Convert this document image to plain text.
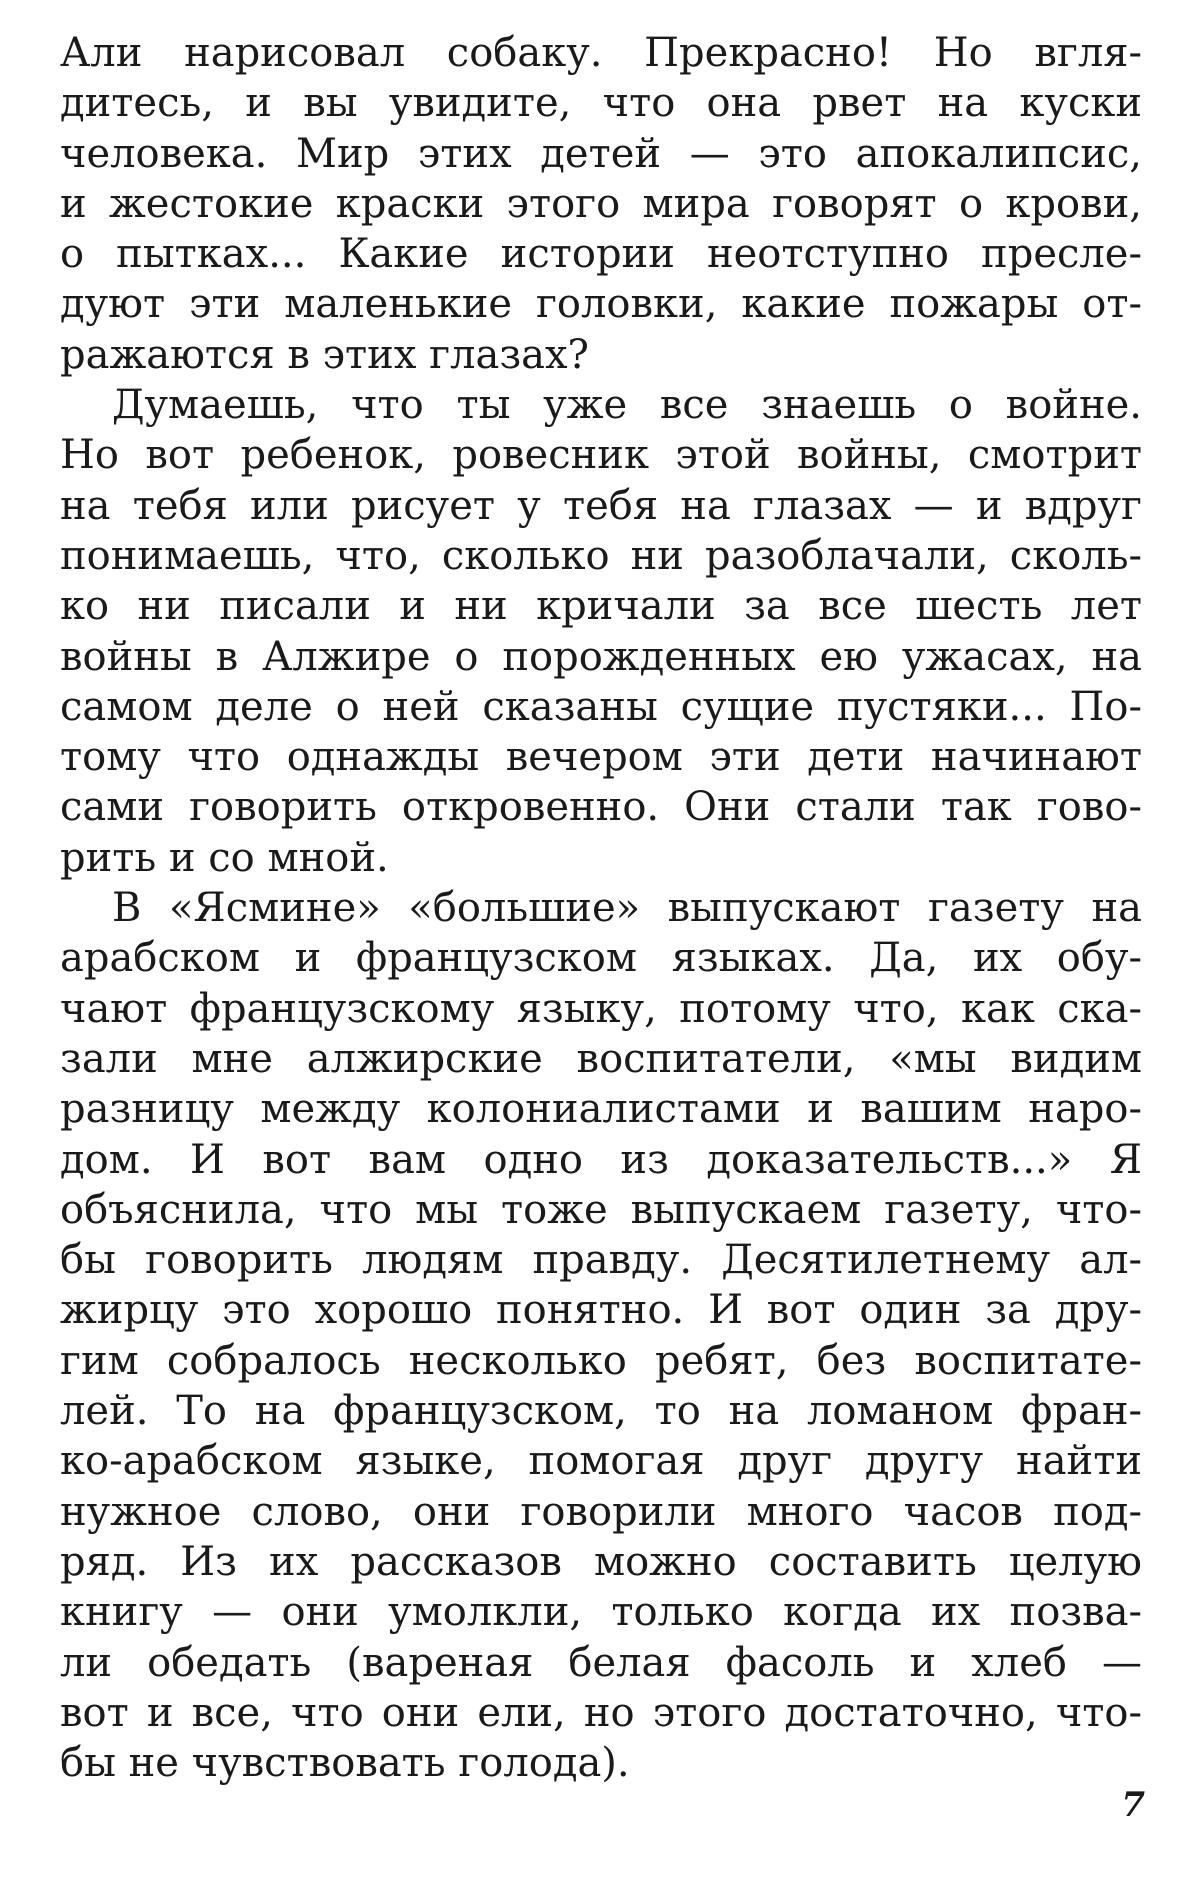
Али нарисовал собаку. Прекрасно! Но вгля-
дитесь, и вы увидите, что она рвет на куски
человека. Мир этих детей — это апокалипсис,
и жестокие краски этого мира говорят о крови,
о пытках... Какие истории неотступно пресле-
дуют эти маленькие головки, какие пожары от-
ражаются в этих глазах?
Думаешь, что ты уже все знаешь о войне.
Но вот ребенок, ровесник этой войны, смотрит
на тебя или рисует у тебя на глазах — и вдруг
понимаешь, что, сколько ни разоблачали, сколь-
ко ни писали и ни кричали за все шесть лет
войны в Алжире о порожденных ею ужасах, на
самом деле о ней сказаны сущие пустяки... По-
тому что однажды вечером эти дети начинают
сами говорить откровенно. Они стали так гово-
рить и со мной.
В «Ясмине» «большие» выпускают газету на
арабском и французском языках. Да, их обу-
чают французскому языку, потому что, как ска-
зали мне алжирские воспитатели, «мы видим
разницу между колониалистами и вашим наро-
дом. И вот вам одно из доказательств...» Я
объяснила, что мы тоже выпускаем газету, что-
бы говорить людям правду. Десятилетнему ал-
жирцу это хорошо понятно. И вот один за дру-
гим собралось несколько ребят, без воспитате-
лей. То на французском, то на ломаном фран-
ко-арабском языке, помогая друг другу найти
нужное слово, они говорили много часов под-
ряд. Из их рассказов можно составить целую
книгу — они умолкли, только когда их позва-
ли обедать (вареная белая фасоль и хлеб —
вот и все, что они ели, но этого достаточно, что-
бы не чувствовать голода).
7
